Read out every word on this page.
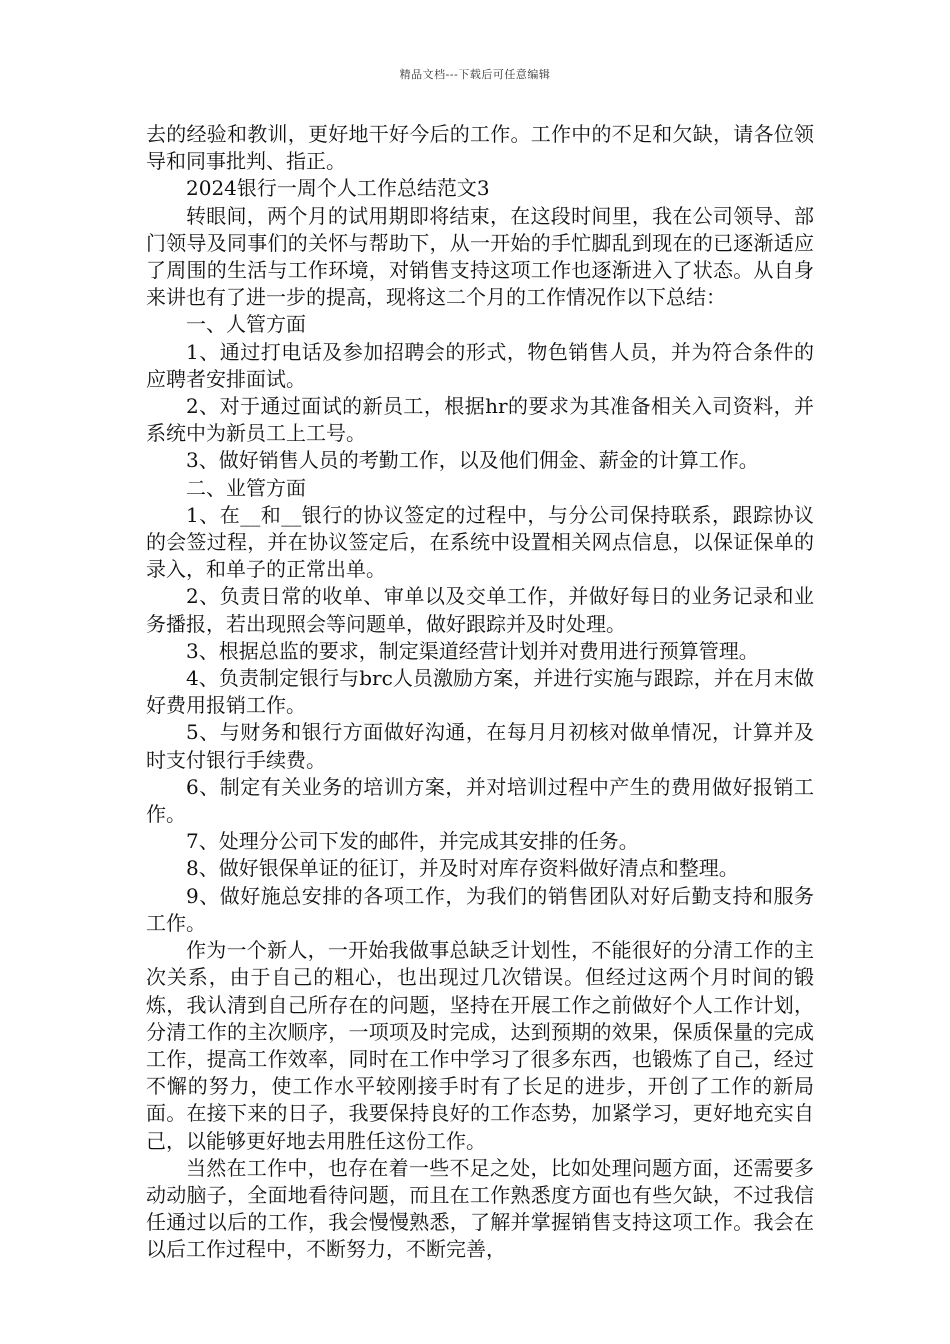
精品文档---下载后可任意编辑

去的经验和教训，更好地干好今后的工作。工作中的不足和欠缺，请各位领导和同事批判、指正。

2024银行一周个人工作总结范文3

转眼间，两个月的试用期即将结束，在这段时间里，我在公司领导、部门领导及同事们的关怀与帮助下，从一开始的手忙脚乱到现在的已逐渐适应了周围的生活与工作环境，对销售支持这项工作也逐渐进入了状态。从自身来讲也有了进一步的提高，现将这二个月的工作情况作以下总结：

一、人管方面

1、通过打电话及参加招聘会的形式，物色销售人员，并为符合条件的应聘者安排面试。

2、对于通过面试的新员工，根据hr的要求为其准备相关入司资料，并系统中为新员工上工号。

3、做好销售人员的考勤工作，以及他们佣金、薪金的计算工作。

二、业管方面

1、在__和__银行的协议签定的过程中，与分公司保持联系，跟踪协议的会签过程，并在协议签定后，在系统中设置相关网点信息，以保证保单的录入，和单子的正常出单。

2、负责日常的收单、审单以及交单工作，并做好每日的业务记录和业务播报，若出现照会等问题单，做好跟踪并及时处理。

3、根据总监的要求，制定渠道经营计划并对费用进行预算管理。

4、负责制定银行与brc人员激励方案，并进行实施与跟踪，并在月末做好费用报销工作。

5、与财务和银行方面做好沟通，在每月月初核对做单情况，计算并及时支付银行手续费。

6、制定有关业务的培训方案，并对培训过程中产生的费用做好报销工作。

7、处理分公司下发的邮件，并完成其安排的任务。

8、做好银保单证的征订，并及时对库存资料做好清点和整理。

9、做好施总安排的各项工作，为我们的销售团队对好后勤支持和服务工作。

作为一个新人，一开始我做事总缺乏计划性，不能很好的分清工作的主次关系，由于自己的粗心，也出现过几次错误。但经过这两个月时间的锻炼，我认清到自己所存在的问题，坚持在开展工作之前做好个人工作计划，分清工作的主次顺序，一项项及时完成，达到预期的效果，保质保量的完成工作，提高工作效率，同时在工作中学习了很多东西，也锻炼了自己，经过不懈的努力，使工作水平较刚接手时有了长足的进步，开创了工作的新局面。在接下来的日子，我要保持良好的工作态势，加紧学习，更好地充实自己，以能够更好地去用胜任这份工作。

当然在工作中，也存在着一些不足之处，比如处理问题方面，还需要多动动脑子，全面地看待问题，而且在工作熟悉度方面也有些欠缺，不过我信任通过以后的工作，我会慢慢熟悉，了解并掌握销售支持这项工作。我会在以后工作过程中，不断努力，不断完善，
